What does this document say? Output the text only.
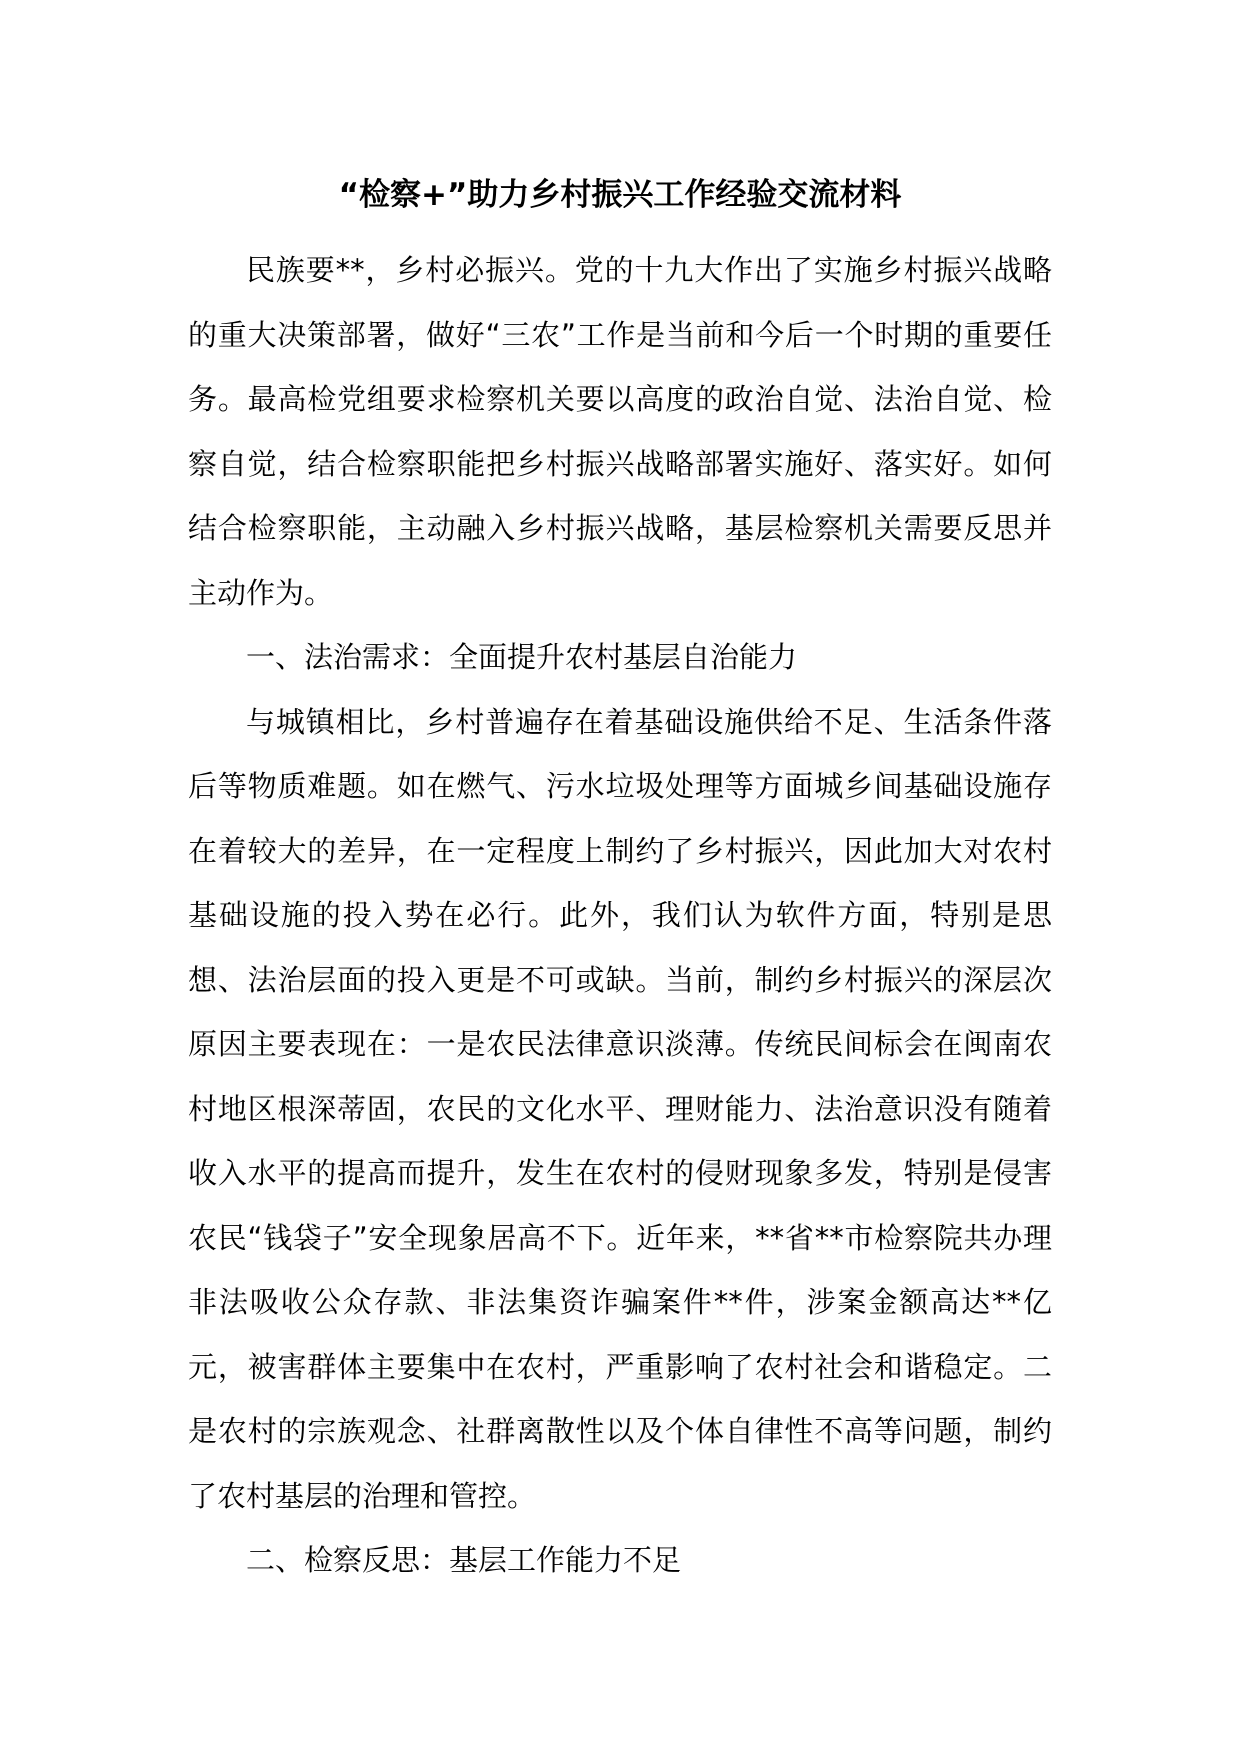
“检察+”助力乡村振兴工作经验交流材料

民族要**，乡村必振兴。党的十九大作出了实施乡村振兴战略的重大决策部署，做好“三农”工作是当前和今后一个时期的重要任务。最高检党组要求检察机关要以高度的政治自觉、法治自觉、检察自觉，结合检察职能把乡村振兴战略部署实施好、落实好。如何结合检察职能，主动融入乡村振兴战略，基层检察机关需要反思并主动作为。

一、法治需求：全面提升农村基层自治能力

与城镇相比，乡村普遍存在着基础设施供给不足、生活条件落后等物质难题。如在燃气、污水垃圾处理等方面城乡间基础设施存在着较大的差异，在一定程度上制约了乡村振兴，因此加大对农村基础设施的投入势在必行。此外，我们认为软件方面，特别是思想、法治层面的投入更是不可或缺。当前，制约乡村振兴的深层次原因主要表现在：一是农民法律意识淡薄。传统民间标会在闽南农村地区根深蒂固，农民的文化水平、理财能力、法治意识没有随着收入水平的提高而提升，发生在农村的侵财现象多发，特别是侵害农民“钱袋子”安全现象居高不下。近年来，**省**市检察院共办理非法吸收公众存款、非法集资诈骗案件**件，涉案金额高达**亿元，被害群体主要集中在农村，严重影响了农村社会和谐稳定。二是农村的宗族观念、社群离散性以及个体自律性不高等问题，制约了农村基层的治理和管控。

二、检察反思：基层工作能力不足
